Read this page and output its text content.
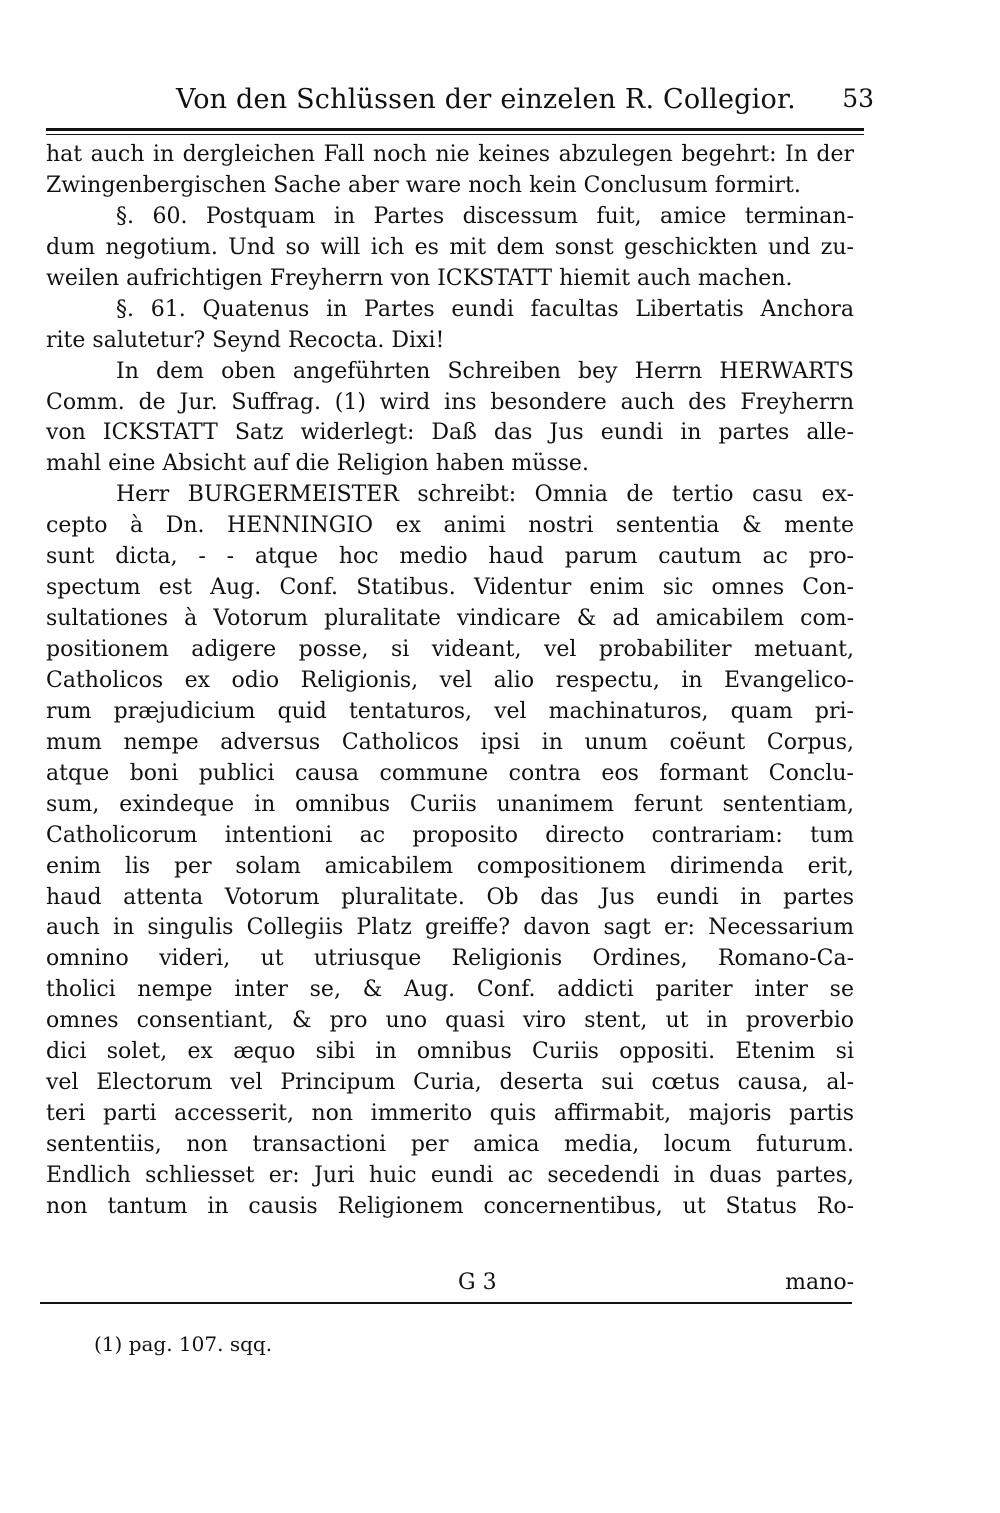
Von den Schlüssen der einzelen R. Collegior. 53
hat auch in dergleichen Fall noch nie keines abzulegen begehrt: In der
Zwingenbergischen Sache aber ware noch kein Conclusum formirt.
§. 60. Postquam in Partes discessum fuit, amice terminan-
dum negotium. Und so will ich es mit dem sonst geschickten und zu-
weilen aufrichtigen Freyherrn von ICKSTATT hiemit auch machen.
§. 61. Quatenus in Partes eundi facultas Libertatis Anchora
rite salutetur? Seynd Recocta. Dixi!
In dem oben angeführten Schreiben bey Herrn HERWARTS
Comm. de Jur. Suffrag. (1) wird ins besondere auch des Freyherrn
von ICKSTATT Satz widerlegt: Daß das Jus eundi in partes alle-
mahl eine Absicht auf die Religion haben müsse.
Herr BURGERMEISTER schreibt: Omnia de tertio casu ex-
cepto à Dn. HENNINGIO ex animi nostri sententia & mente
sunt dicta, - - atque hoc medio haud parum cautum ac pro-
spectum est Aug. Conf. Statibus. Videntur enim sic omnes Con-
sultationes à Votorum pluralitate vindicare & ad amicabilem com-
positionem adigere posse, si videant, vel probabiliter metuant,
Catholicos ex odio Religionis, vel alio respectu, in Evangelico-
rum præjudicium quid tentaturos, vel machinaturos, quam pri-
mum nempe adversus Catholicos ipsi in unum coëunt Corpus,
atque boni publici causa commune contra eos formant Conclu-
sum, exindeque in omnibus Curiis unanimem ferunt sententiam,
Catholicorum intentioni ac proposito directo contrariam: tum
enim lis per solam amicabilem compositionem dirimenda erit,
haud attenta Votorum pluralitate. Ob das Jus eundi in partes
auch in singulis Collegiis Platz greiffe? davon sagt er: Necessarium
omnino videri, ut utriusque Religionis Ordines, Romano-Ca-
tholici nempe inter se, & Aug. Conf. addicti pariter inter se
omnes consentiant, & pro uno quasi viro stent, ut in proverbio
dici solet, ex æquo sibi in omnibus Curiis oppositi. Etenim si
vel Electorum vel Principum Curia, deserta sui cœtus causa, al-
teri parti accesserit, non immerito quis affirmabit, majoris partis
sententiis, non transactioni per amica media, locum futurum.
Endlich schliesset er: Juri huic eundi ac secedendi in duas partes,
non tantum in causis Religionem concernentibus, ut Status Ro-
G 3	mano-
(1) pag. 107. sqq.
